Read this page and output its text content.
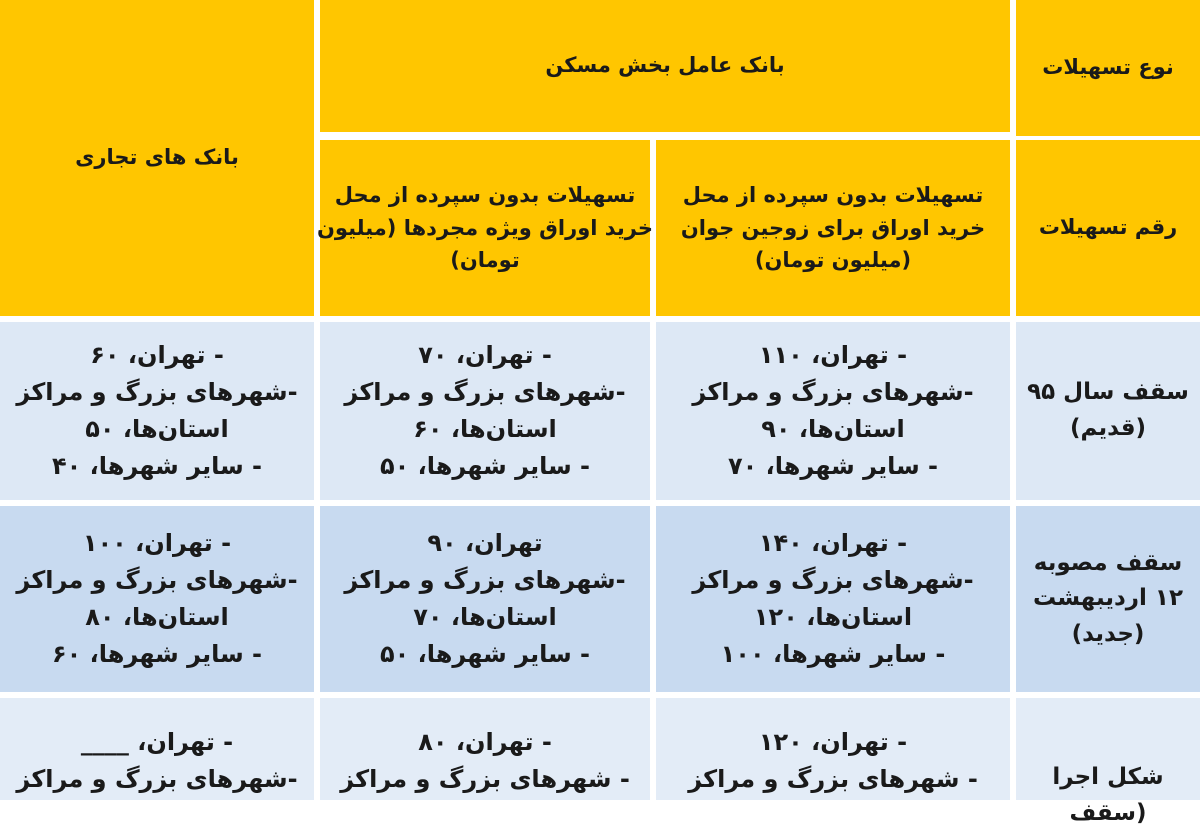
نوع تسهیلات
بانک عامل بخش مسکن
بانک های تجاری
رقم تسهیلات
تسهیلات بدون سپرده از محل
خرید اوراق برای زوجین جوان
(میلیون تومان)
تسهیلات بدون سپرده از محل
خرید اوراق ویژه مجردها (میلیون
تومان)
سقف سال ۹۵
(قدیم)
- تهران، ۱۱۰
-شهرهای بزرگ و مراکز
استان‌ها، ۹۰
- سایر شهرها، ۷۰
- تهران، ۷۰
-شهرهای بزرگ و مراکز
استان‌ها، ۶۰
- سایر شهرها، ۵۰
- تهران، ۶۰
-شهرهای بزرگ و مراکز
استان‌ها، ۵۰
- سایر شهرها، ۴۰
سقف مصوبه
۱۲ اردیبهشت
(جدید)
- تهران، ۱۴۰
-شهرهای بزرگ و مراکز
استان‌ها، ۱۲۰
- سایر شهرها، ۱۰۰
تهران، ۹۰
-شهرهای بزرگ و مراکز
استان‌ها، ۷۰
- سایر شهرها، ۵۰
- تهران، ۱۰۰
-شهرهای بزرگ و مراکز
استان‌ها، ۸۰
- سایر شهرها، ۶۰
شکل اجرا (سقف
- تهران، ۱۲۰
- شهرهای بزرگ و مراکز
- تهران، ۸۰
- شهرهای بزرگ و مراکز
- تهران، ____
-شهرهای بزرگ و مراکز
